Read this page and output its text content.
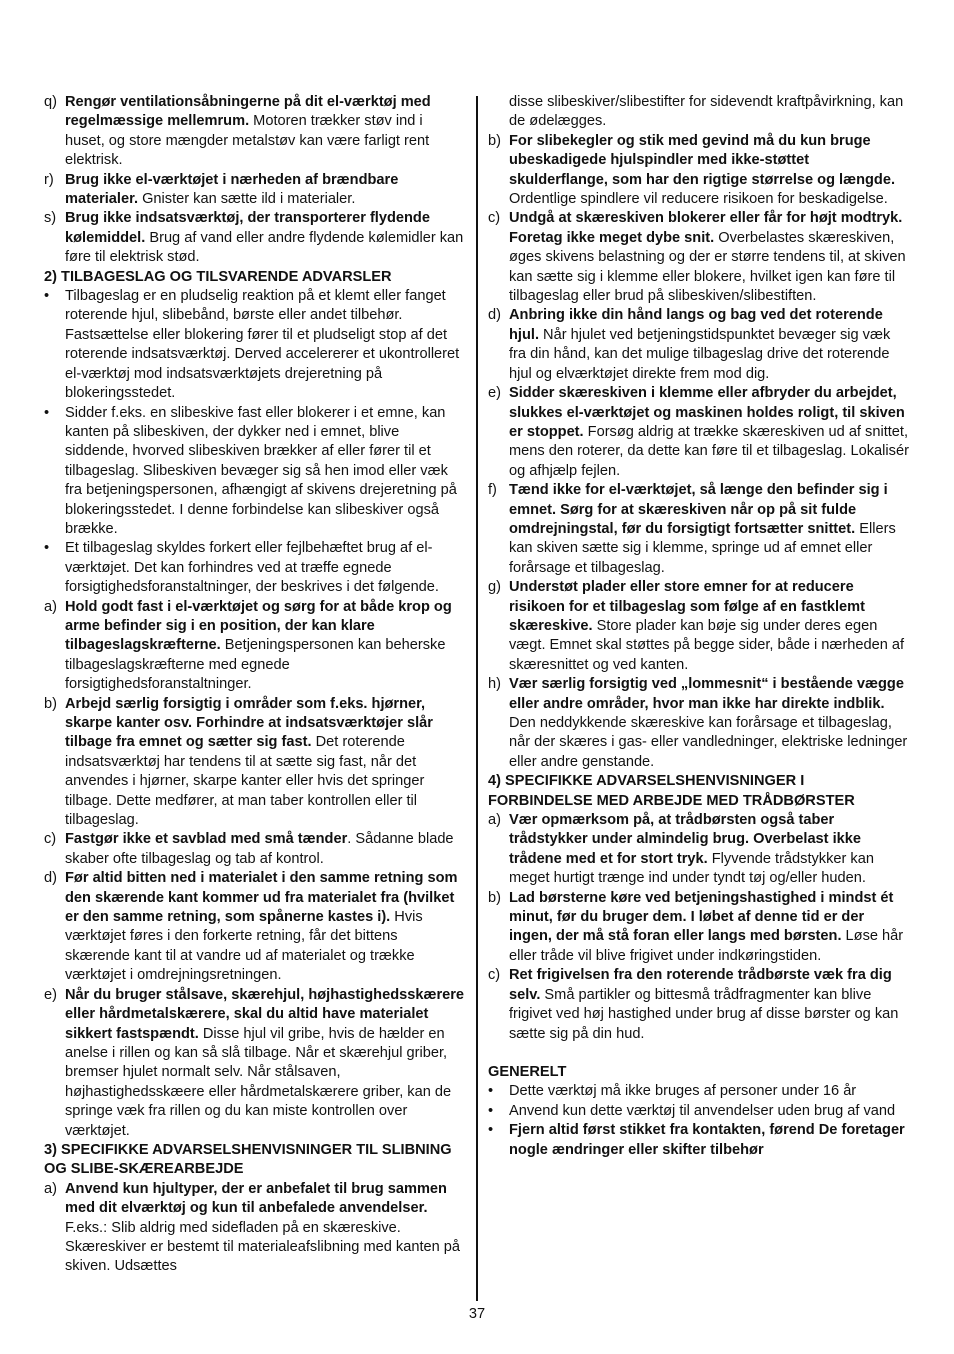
q) Rengør ventilationsåbningerne på dit el-værktøj med regelmæssige mellemrum. Motoren trækker støv ind i huset, og store mængder metalstøv kan være farligt rent elektrisk.
r) Brug ikke el-værktøjet i nærheden af brændbare materialer. Gnister kan sætte ild i materialer.
s) Brug ikke indsatsværktøj, der transporterer flydende kølemiddel. Brug af vand eller andre flydende kølemidler kan føre til elektrisk stød.
2) TILBAGESLAG OG TILSVARENDE ADVARSLER
• Tilbageslag er en pludselig reaktion på et klemt eller fanget roterende hjul, slibebånd, børste eller andet tilbehør. Fastsættelse eller blokering fører til et pludseligt stop af det roterende indsatsværktøj. Derved accelererer et ukontrolleret el-værktøj mod indsatsværktøjets drejeretning på blokeringsstedet.
• Sidder f.eks. en slibeskive fast eller blokerer i et emne, kan kanten på slibeskiven, der dykker ned i emnet, blive siddende, hvorved slibeskiven brækker af eller fører til et tilbageslag. Slibeskiven bevæger sig så hen imod eller væk fra betjeningspersonen, afhængigt af skivens drejeretning på blokeringsstedet. I denne forbindelse kan slibeskiver også brække.
• Et tilbageslag skyldes forkert eller fejlbehæftet brug af el-værktøjet. Det kan forhindres ved at træffe egnede forsigtighedsforanstaltninger, der beskrives i det følgende.
a) Hold godt fast i el-værktøjet og sørg for at både krop og arme befinder sig i en position, der kan klare tilbageslagskræfterne. Betjeningspersonen kan beherske tilbageslagskræfterne med egnede forsigtighedsforanstaltninger.
b) Arbejd særlig forsigtig i områder som f.eks. hjørner, skarpe kanter osv. Forhindre at indsatsværktøjer slår tilbage fra emnet og sætter sig fast. Det roterende indsatsværktøj har tendens til at sætte sig fast, når det anvendes i hjørner, skarpe kanter eller hvis det springer tilbage. Dette medfører, at man taber kontrollen eller til tilbageslag.
c) Fastgør ikke et savblad med små tænder. Sådanne blade skaber ofte tilbageslag og tab af kontrol.
d) Før altid bitten ned i materialet i den samme retning som den skærende kant kommer ud fra materialet fra (hvilket er den samme retning, som spånerne kastes i). Hvis værktøjet føres i den forkerte retning, får det bittens skærende kant til at vandre ud af materialet og trække værktøjet i omdrejningsretningen.
e) Når du bruger stålsave, skærehjul, højhastighedsskærere eller hårdmetalskærere, skal du altid have materialet sikkert fastspændt. Disse hjul vil gribe, hvis de hælder en anelse i rillen og kan så slå tilbage. Når et skærehjul griber, bremser hjulet normalt selv. Når stålsaven, højhastighedsskæere eller hårdmetalskærere griber, kan de springe væk fra rillen og du kan miste kontrollen over værktøjet.
3) SPECIFIKKE ADVARSELSHENVISNINGER TIL SLIBNING OG SLIBE-SKÆREARBEJDE
a) Anvend kun hjultyper, der er anbefalet til brug sammen med dit elværktøj og kun til anbefalede anvendelser. F.eks.: Slib aldrig med sidefladen på en skæreskive. Skæreskiver er bestemt til materialeafslibning med kanten på skiven. Udsættes
disse slibeskiver/slibestifter for sidevendt kraftpåvirkning, kan de ødelægges.
b) For slibekegler og stik med gevind må du kun bruge ubeskadigede hjulspindler med ikke-støttet skulderflange, som har den rigtige størrelse og længde. Ordentlige spindlere vil reducere risikoen for beskadigelse.
c) Undgå at skæreskiven blokerer eller får for højt modtryk. Foretag ikke meget dybe snit. Overbelastes skæreskiven, øges skivens belastning og der er større tendens til, at skiven kan sætte sig i klemme eller blokere, hvilket igen kan føre til tilbageslag eller brud på slibeskiven/slibestiften.
d) Anbring ikke din hånd langs og bag ved det roterende hjul. Når hjulet ved betjeningstidspunktet bevæger sig væk fra din hånd, kan det mulige tilbageslag drive det roterende hjul og elværktøjet direkte frem mod dig.
e) Sidder skæreskiven i klemme eller afbryder du arbejdet, slukkes el-værktøjet og maskinen holdes roligt, til skiven er stoppet. Forsøg aldrig at trække skæreskiven ud af snittet, mens den roterer, da dette kan føre til et tilbageslag. Lokalisér og afhjælp fejlen.
f) Tænd ikke for el-værktøjet, så længe den befinder sig i emnet. Sørg for at skæreskiven når op på sit fulde omdrejningstal, før du forsigtigt fortsætter snittet. Ellers kan skiven sætte sig i klemme, springe ud af emnet eller forårsage et tilbageslag.
g) Understøt plader eller store emner for at reducere risikoen for et tilbageslag som følge af en fastklemt skæreskive. Store plader kan bøje sig under deres egen vægt. Emnet skal støttes på begge sider, både i nærheden af skæresnittet og ved kanten.
h) Vær særlig forsigtig ved „lommesnit“ i bestående vægge eller andre områder, hvor man ikke har direkte indblik. Den neddykkende skæreskive kan forårsage et tilbageslag, når der skæres i gas- eller vandledninger, elektriske ledninger eller andre genstande.
4) SPECIFIKKE ADVARSELSHENVISNINGER I FORBINDELSE MED ARBEJDE MED TRÅDBØRSTER
a) Vær opmærksom på, at trådbørsten også taber trådstykker under almindelig brug. Overbelast ikke trådene med et for stort tryk. Flyvende trådstykker kan meget hurtigt trænge ind under tyndt tøj og/eller huden.
b) Lad børsterne køre ved betjeningshastighed i mindst ét minut, før du bruger dem. I løbet af denne tid er der ingen, der må stå foran eller langs med børsten. Løse hår eller tråde vil blive frigivet under indkøringstiden.
c) Ret frigivelsen fra den roterende trådbørste væk fra dig selv. Små partikler og bittesmå trådfragmenter kan blive frigivet ved høj hastighed under brug af disse børster og kan sætte sig på din hud.
GENERELT
• Dette værktøj må ikke bruges af personer under 16 år
• Anvend kun dette værktøj til anvendelser uden brug af vand
• Fjern altid først stikket fra kontakten, førend De foretager nogle ændringer eller skifter tilbehør
37
